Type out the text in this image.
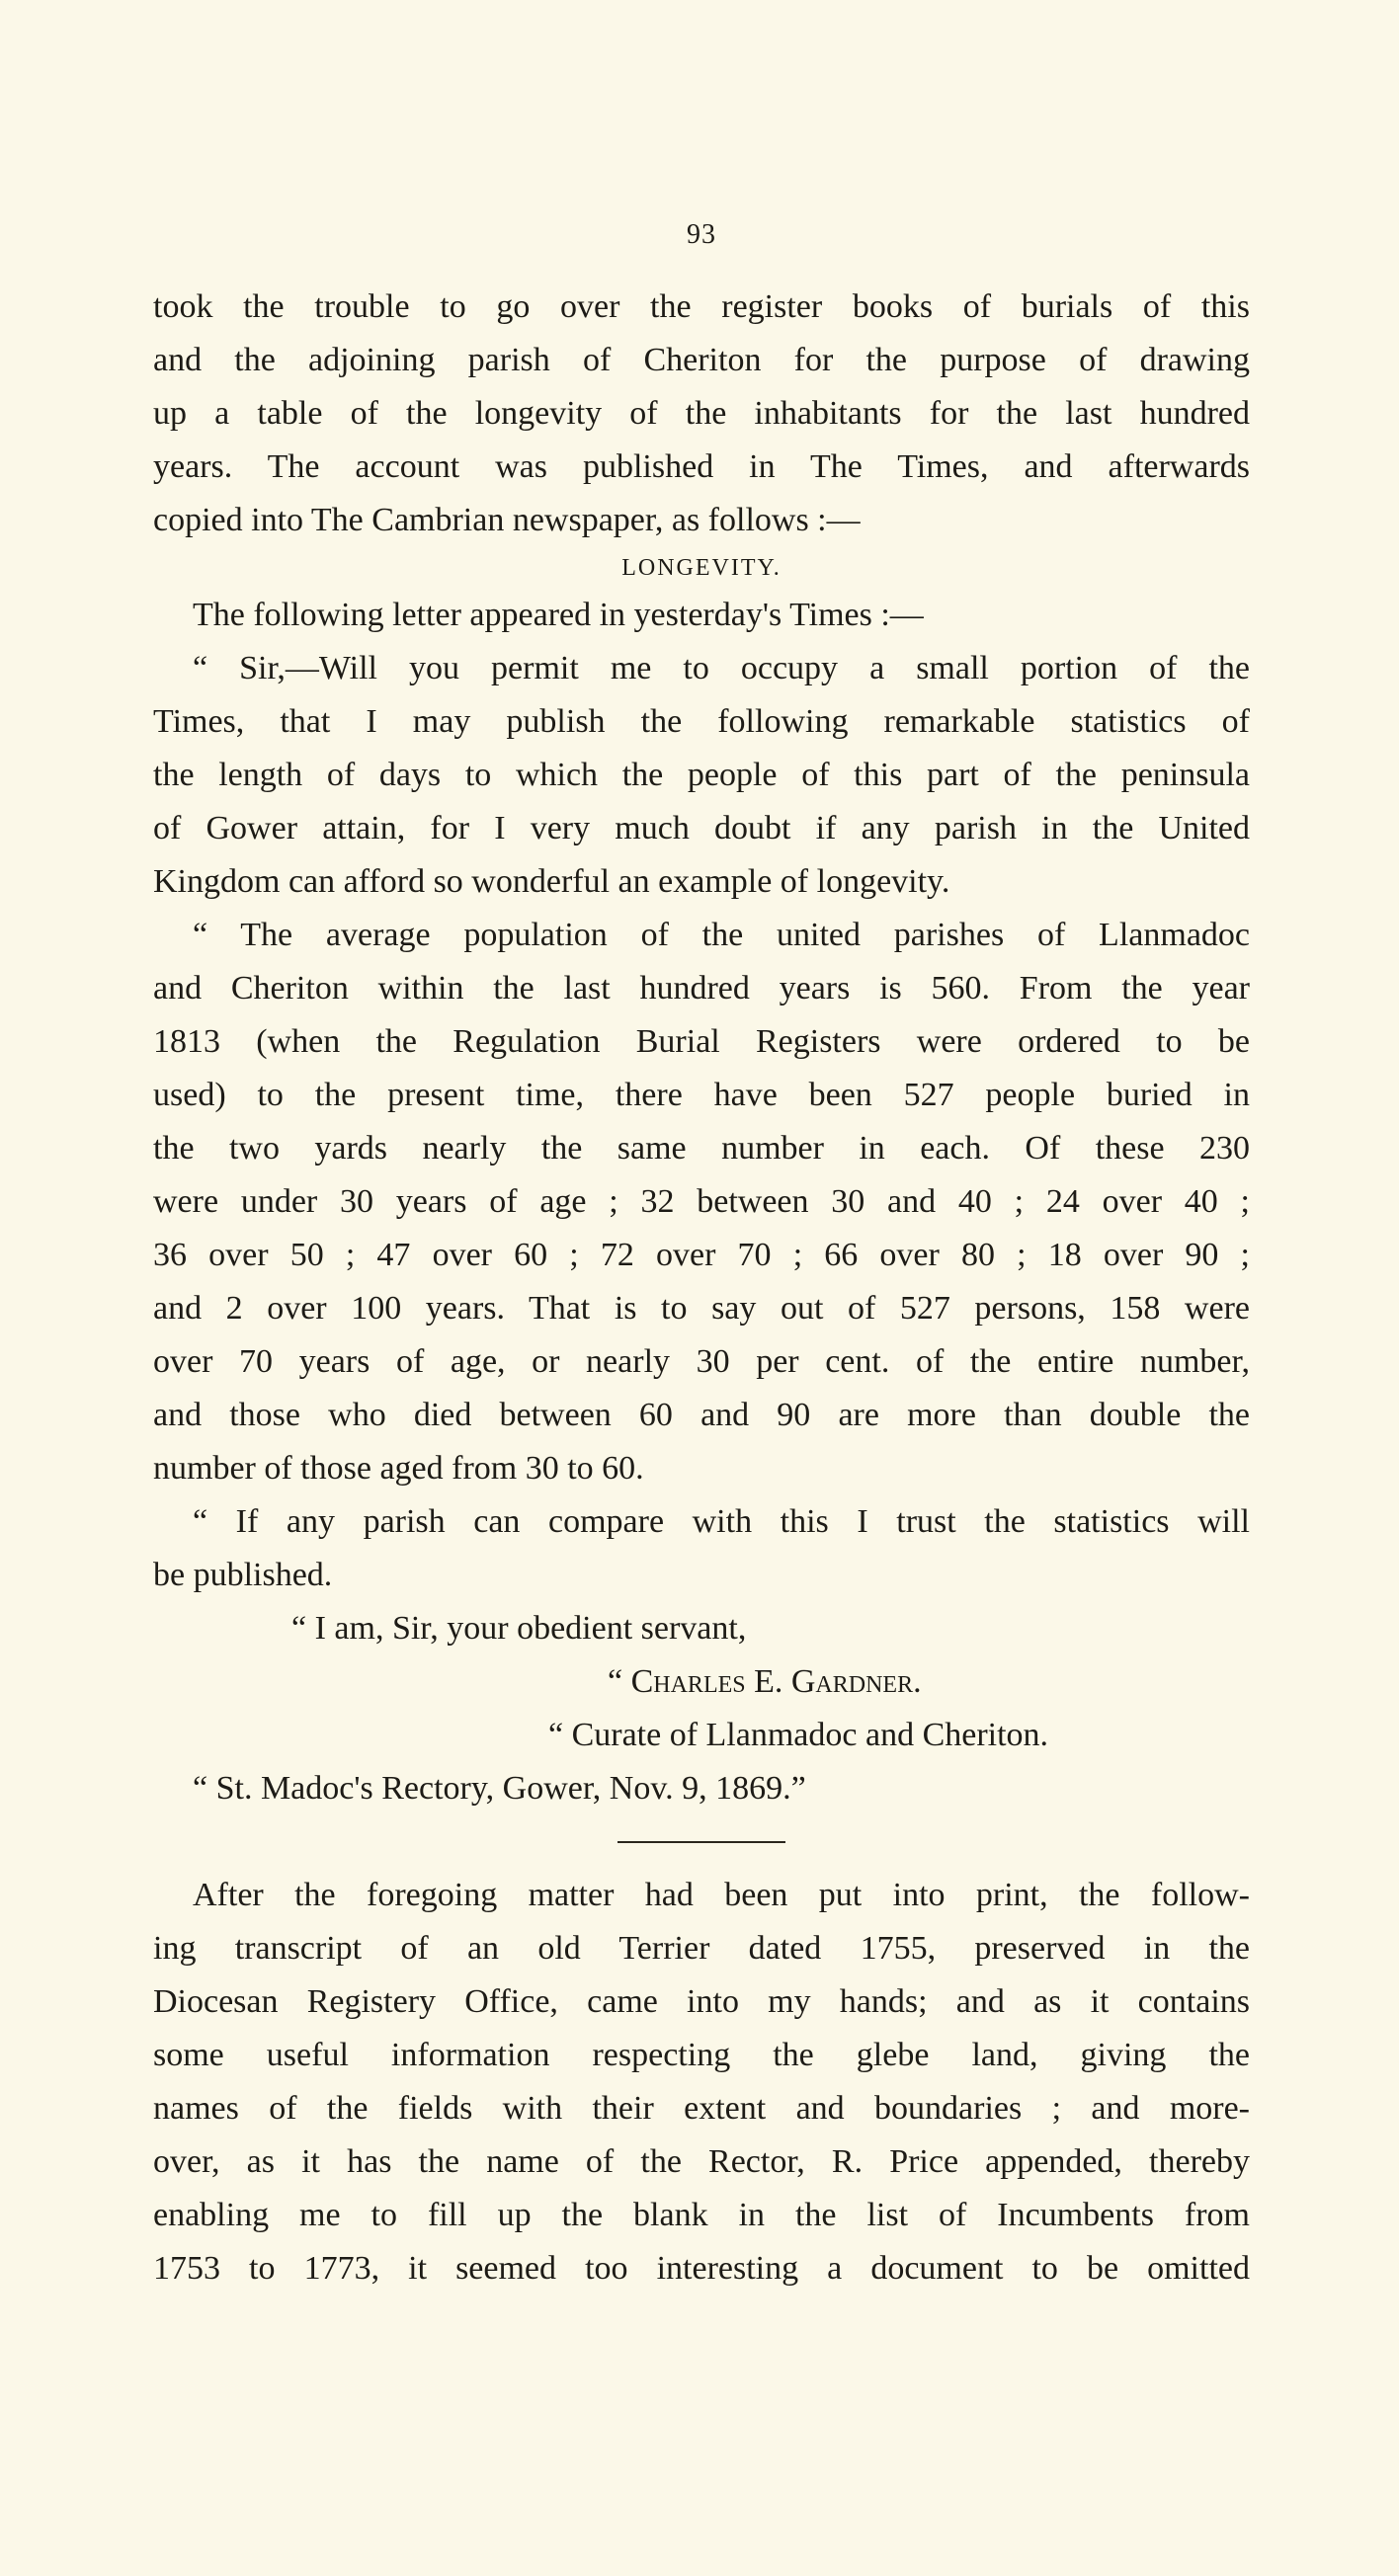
93
took the trouble to go over the register books of burials of this
and the adjoining parish of Cheriton for the purpose of drawing
up a table of the longevity of the inhabitants for the last hundred
years. The account was published in The Times, and afterwards
copied into The Cambrian newspaper, as follows :—
LONGEVITY.
The following letter appeared in yesterday's Times :—
“ Sir,—Will you permit me to occupy a small portion of the
Times, that I may publish the following remarkable statistics of
the length of days to which the people of this part of the peninsula
of Gower attain, for I very much doubt if any parish in the United
Kingdom can afford so wonderful an example of longevity.
“ The average population of the united parishes of Llanmadoc
and Cheriton within the last hundred years is 560. From the year
1813 (when the Regulation Burial Registers were ordered to be
used) to the present time, there have been 527 people buried in
the two yards nearly the same number in each. Of these 230
were under 30 years of age ; 32 between 30 and 40 ; 24 over 40 ;
36 over 50 ; 47 over 60 ; 72 over 70 ; 66 over 80 ; 18 over 90 ;
and 2 over 100 years. That is to say out of 527 persons, 158 were
over 70 years of age, or nearly 30 per cent. of the entire number,
and those who died between 60 and 90 are more than double the
number of those aged from 30 to 60.
“ If any parish can compare with this I trust the statistics will
be published.
“ I am, Sir, your obedient servant,
“ Charles E. Gardner.
“ Curate of Llanmadoc and Cheriton.
“ St. Madoc's Rectory, Gower, Nov. 9, 1869.”
After the foregoing matter had been put into print, the follow-
ing transcript of an old Terrier dated 1755, preserved in the
Diocesan Registery Office, came into my hands; and as it contains
some useful information respecting the glebe land, giving the
names of the fields with their extent and boundaries ; and more-
over, as it has the name of the Rector, R. Price appended, thereby
enabling me to fill up the blank in the list of Incumbents from
1753 to 1773, it seemed too interesting a document to be omitted
